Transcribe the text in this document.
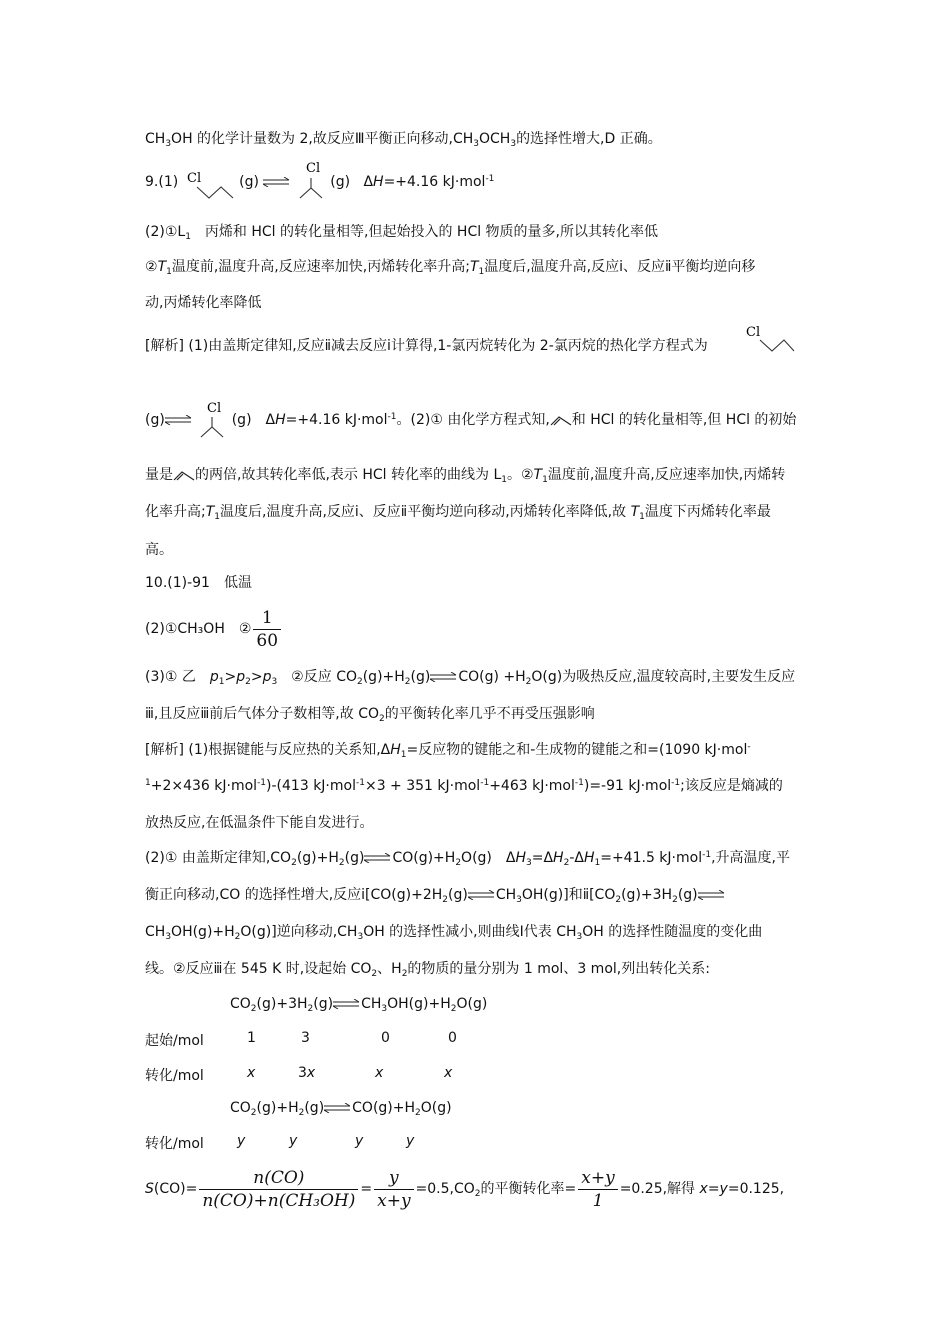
$CH_3OH$ 的化学计量数为 2,故反应Ⅲ平衡正向移动$,CH_3OCH_3$的选择性增大,D 正确。
9.(1) Cl	(g) ⇌
Cl
(g) ΔH=+4.16 kJ·mol$^{-1}$
$(2)①L_1$　丙烯和 HCl 的转化量相等,但起始投入的 HCl 物质的量多,所以其转化率低
$②T_1$温度前,温度升高,反应速率加快,丙烯转化率升高$;T_1$温度后,温度升高,反应ⅰ、反应ⅱ平衡均逆向移
动,丙烯转化率降低
[解析] (1)由盖斯定律知,反应ⅱ减去反应ⅰ计算得,1-氯丙烷转化为 2-氯丙烷的热化学方程式为
Cl
(g)⇌
Cl
(g)　ΔH=+4.16 kJ·mol$^{-1}$。(2)① 由化学方程式知, 和 HCl 的转化量相等,但 HCl 的初始
量是 的两倍,故其转化率低,表示 HCl 转化率的曲线为 $L_1$。$②T_1$温度前,温度升高,反应速率加快,丙烯转
化率升高$;T_1$温度后,温度升高,反应ⅰ、反应ⅱ平衡均逆向移动,丙烯转化率降低,故 $T_1$温度下丙烯转化率最
高。
10.(1)-91　低温
(2)①CH₃OH　② $\frac{1}{60}$
(3)① 乙　$p_1>p_2>p_3$　②反应 $CO_2(g)+H_2(g)\rightleftharpoons CO(g) +H_2O(g)$为吸热反应,温度较高时,主要发生反应
ⅲ,且反应ⅲ前后气体分子数相等,故 $CO_2$的平衡转化率几乎不再受压强影响
[解析] (1)根据键能与反应热的关系知$,\Delta H_1=$反应物的键能之和-生成物的键能之和=(1090 kJ·mol-
$^1$+2×436 kJ·mol$^{-1}$)-(413 kJ·mol$^{-1}$×3 + 351 kJ·mol$^{-1}$+463 kJ·mol$^{-1}$)=-91 kJ·mol$^{-1}$;该反应是熵减的
放热反应,在低温条件下能自发进行。
(2)① 由盖斯定律知$,CO_2(g)+H_2(g)\rightleftharpoons CO(g)+H_2O(g)$　$\Delta H_3=\Delta H_2-\Delta H_1=+41.5$ kJ·mol$^{-1}$,升高温度,平
衡正向移动,CO 的选择性增大,反应$ⅰ[CO(g)+2H_2(g)\rightleftharpoons CH_3OH(g)]$和$ⅱ[CO_2(g)+3H_2(g)\rightleftharpoons$
$CH_3OH(g)+H_2O(g)$]逆向移动$,CH_3OH$ 的选择性减小,则曲线Ⅰ代表 $CH_3OH$ 的选择性随温度的变化曲
线。②反应ⅲ在 545 K 时,设起始 $CO_2$、$H_2$的物质的量分别为 1 mol、3 mol,列出转化关系:
$CO_2(g)+3H_2(g)\rightleftharpoons CH_3OH(g)+H_2O(g)$
起始/mol	1	3	0	0
转化/mol	x	3x	x	x
$CO_2(g)+H_2(g)\rightleftharpoons CO(g)+H_2O(g)$
转化/mol y	y	y	y
$S(CO)= \frac{n(CO)}{\text{n(CO)+n(CH₃OH)}} = \frac{y}{x+y} =0.5,CO_2$的平衡转化率= $\frac{x+y}{1} =0.25$,解得 x=y=0.125,
